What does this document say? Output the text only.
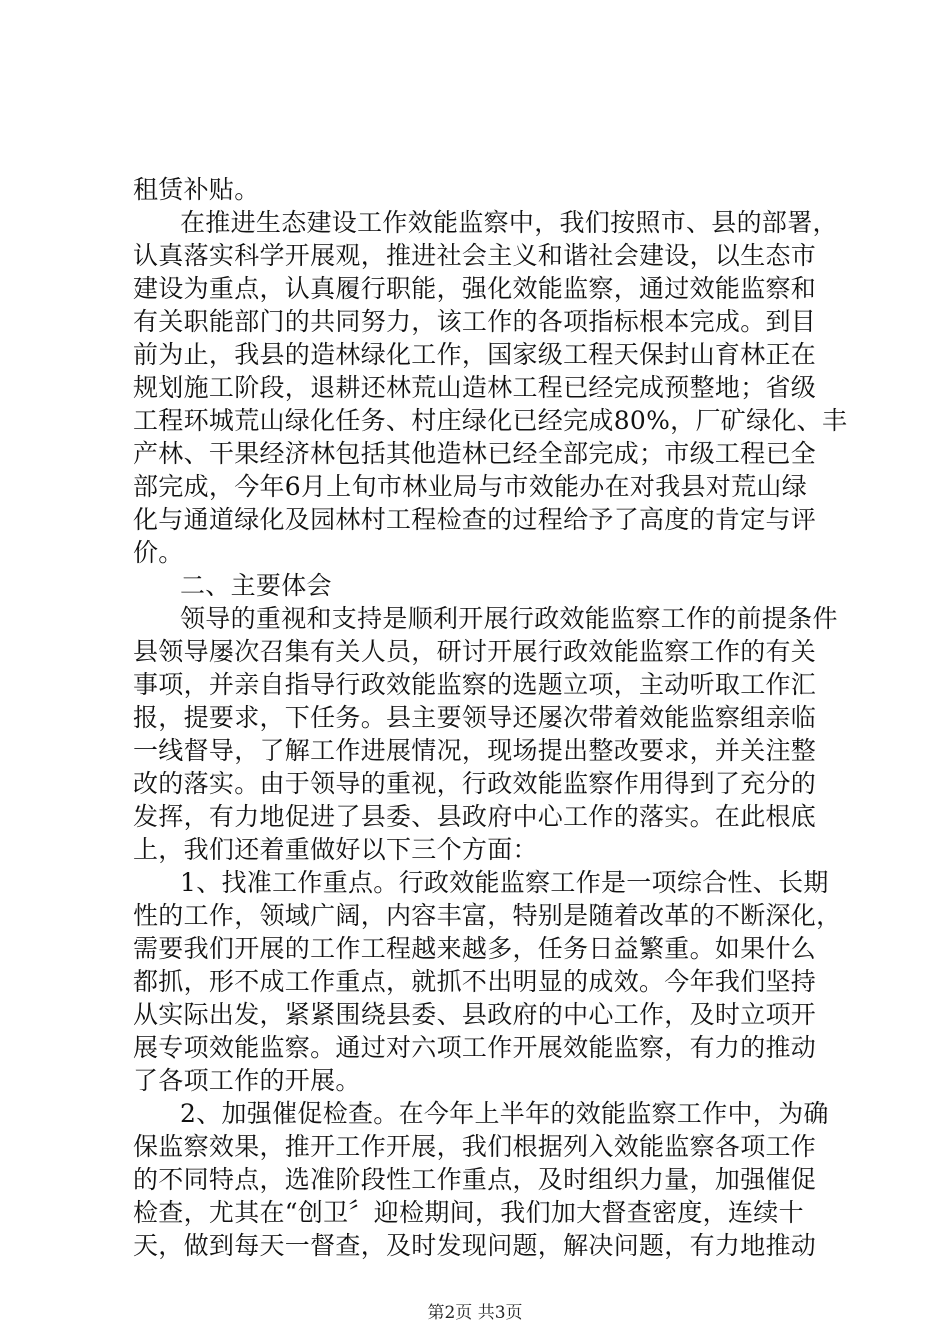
租赁补贴。
在推进生态建设工作效能监察中，我们按照市、县的部署，
认真落实科学开展观，推进社会主义和谐社会建设，以生态市
建设为重点，认真履行职能，强化效能监察，通过效能监察和
有关职能部门的共同努力，该工作的各项指标根本完成。到目
前为止，我县的造林绿化工作，国家级工程天保封山育林正在
规划施工阶段，退耕还林荒山造林工程已经完成预整地；省级
工程环城荒山绿化任务、村庄绿化已经完成80%，厂矿绿化、丰
产林、干果经济林包括其他造林已经全部完成；市级工程已全
部完成，今年6月上旬市林业局与市效能办在对我县对荒山绿
化与通道绿化及园林村工程检查的过程给予了高度的肯定与评
价。
二、主要体会
领导的重视和支持是顺利开展行政效能监察工作的前提条件
县领导屡次召集有关人员，研讨开展行政效能监察工作的有关
事项，并亲自指导行政效能监察的选题立项，主动听取工作汇
报，提要求，下任务。县主要领导还屡次带着效能监察组亲临
一线督导，了解工作进展情况，现场提出整改要求，并关注整
改的落实。由于领导的重视，行政效能监察作用得到了充分的
发挥，有力地促进了县委、县政府中心工作的落实。在此根底
上，我们还着重做好以下三个方面：
1、找准工作重点。行政效能监察工作是一项综合性、长期
性的工作，领域广阔，内容丰富，特别是随着改革的不断深化，
需要我们开展的工作工程越来越多，任务日益繁重。如果什么
都抓，形不成工作重点，就抓不出明显的成效。今年我们坚持
从实际出发，紧紧围绕县委、县政府的中心工作，及时立项开
展专项效能监察。通过对六项工作开展效能监察，有力的推动
了各项工作的开展。
2、加强催促检查。在今年上半年的效能监察工作中，为确
保监察效果，推开工作开展，我们根据列入效能监察各项工作
的不同特点，选准阶段性工作重点，及时组织力量，加强催促
检查，尤其在“创卫〞迎检期间，我们加大督查密度，连续十
天，做到每天一督查，及时发现问题，解决问题，有力地推动
第2页 共3页
